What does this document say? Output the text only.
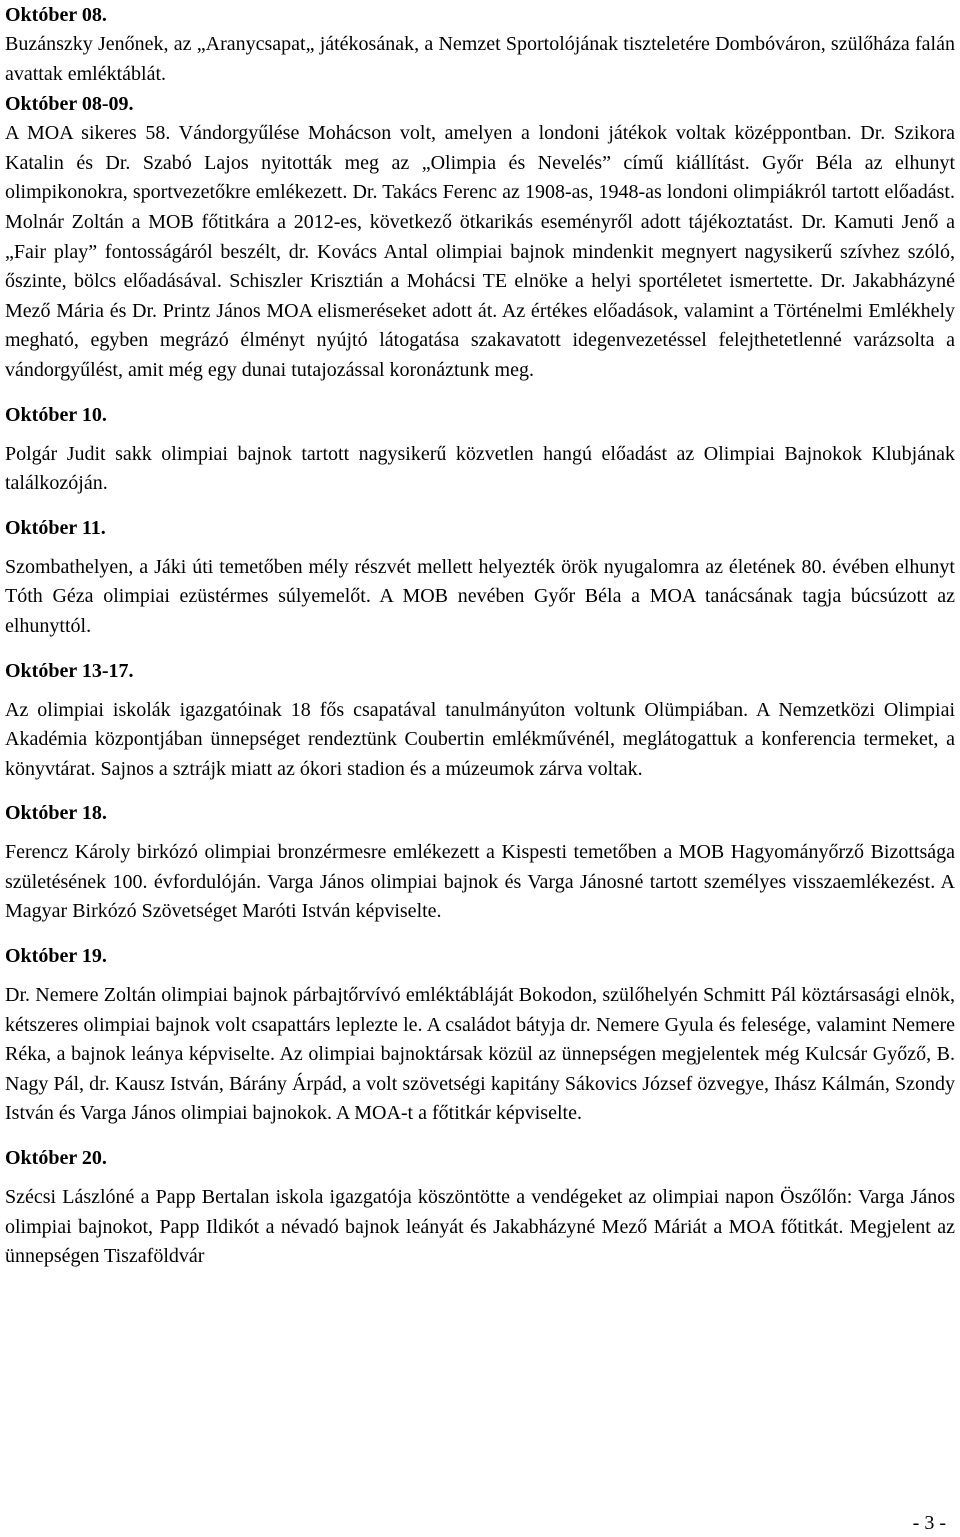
Október 08.

Buzánszky Jenőnek, az „Aranycsapat„ játékosának, a Nemzet Sportolójának tiszteletére Dombóváron, szülőháza falán avattak emléktáblát.

Október 08-09.

A MOA sikeres 58. Vándorgyűlése Mohácson volt, amelyen a londoni játékok voltak középpontban. Dr. Szikora Katalin és Dr. Szabó Lajos nyitották meg az „Olimpia és Nevelés” című kiállítást. Győr Béla az elhunyt olimpikonokra, sportvezetőkre emlékezett. Dr. Takács Ferenc az 1908-as, 1948-as londoni olimpiákról tartott előadást. Molnár Zoltán a MOB főtitkára a 2012-es, következő ötkarikás eseményről adott tájékoztatást. Dr. Kamuti Jenő a „Fair play” fontosságáról beszélt, dr. Kovács Antal olimpiai bajnok mindenkit megnyert nagysikerű szívhez szóló, őszinte, bölcs előadásával. Schiszler Krisztián a Mohácsi TE elnöke a helyi sportéletet ismertette. Dr. Jakabházyné Mező Mária és Dr. Printz János MOA elismeréseket adott át. Az értékes előadások, valamint a Történelmi Emlékhely megható, egyben megrázó élményt nyújtó látogatása szakavatott idegenvezetéssel felejthetetlenné varázsolta a vándorgyűlést, amit még egy dunai tutajozással koronáztunk meg.

Október 10.

Polgár Judit sakk olimpiai bajnok tartott nagysikerű közvetlen hangú előadást az Olimpiai Bajnokok Klubjának találkozóján.

Október 11.

Szombathelyen, a Jáki úti temetőben mély részvét mellett helyezték örök nyugalomra az életének 80. évében elhunyt Tóth Géza olimpiai ezüstérmes súlyemelőt. A MOB nevében Győr Béla a MOA tanácsának tagja búcsúzott az elhunyttól.

Október 13-17.

Az olimpiai iskolák igazgatóinak 18 fős csapatával tanulmányúton voltunk Olümpiában. A Nemzetközi Olimpiai Akadémia központjában ünnepséget rendeztünk Coubertin emlékművénél, meglátogattuk a konferencia termeket, a könyvtárat. Sajnos a sztrájk miatt az ókori stadion és a múzeumok zárva voltak.

Október 18.

Ferencz Károly birkózó olimpiai bronzérmesre emlékezett a Kispesti temetőben a MOB Hagyományőrző Bizottsága születésének 100. évfordulóján. Varga János olimpiai bajnok és Varga Jánosné tartott személyes visszaemlékezést. A Magyar Birkózó Szövetséget Maróti István képviselte.

Október 19.

Dr. Nemere Zoltán olimpiai bajnok párbajtőrvívó emléktábláját Bokodon, szülőhelyén Schmitt Pál köztársasági elnök, kétszeres olimpiai bajnok volt csapattárs leplezte le. A családot bátyja dr. Nemere Gyula és felesége, valamint Nemere Réka, a bajnok leánya képviselte. Az olimpiai bajnoktársak közül az ünnepségen megjelentek még Kulcsár Győző, B. Nagy Pál, dr. Kausz István, Bárány Árpád, a volt szövetségi kapitány Sákovics József özvegye, Ihász Kálmán, Szondy István és Varga János olimpiai bajnokok. A MOA-t a főtitkár képviselte.

Október 20.

Szécsi Lászlóné a Papp Bertalan iskola igazgatója köszöntötte a vendégeket az olimpiai napon Öszőlőn: Varga János olimpiai bajnokot, Papp Ildikót a névadó bajnok leányát és Jakabházyné Mező Máriát a MOA főtitkát. Megjelent az ünnepségen Tiszaföldvár

- 3 -
